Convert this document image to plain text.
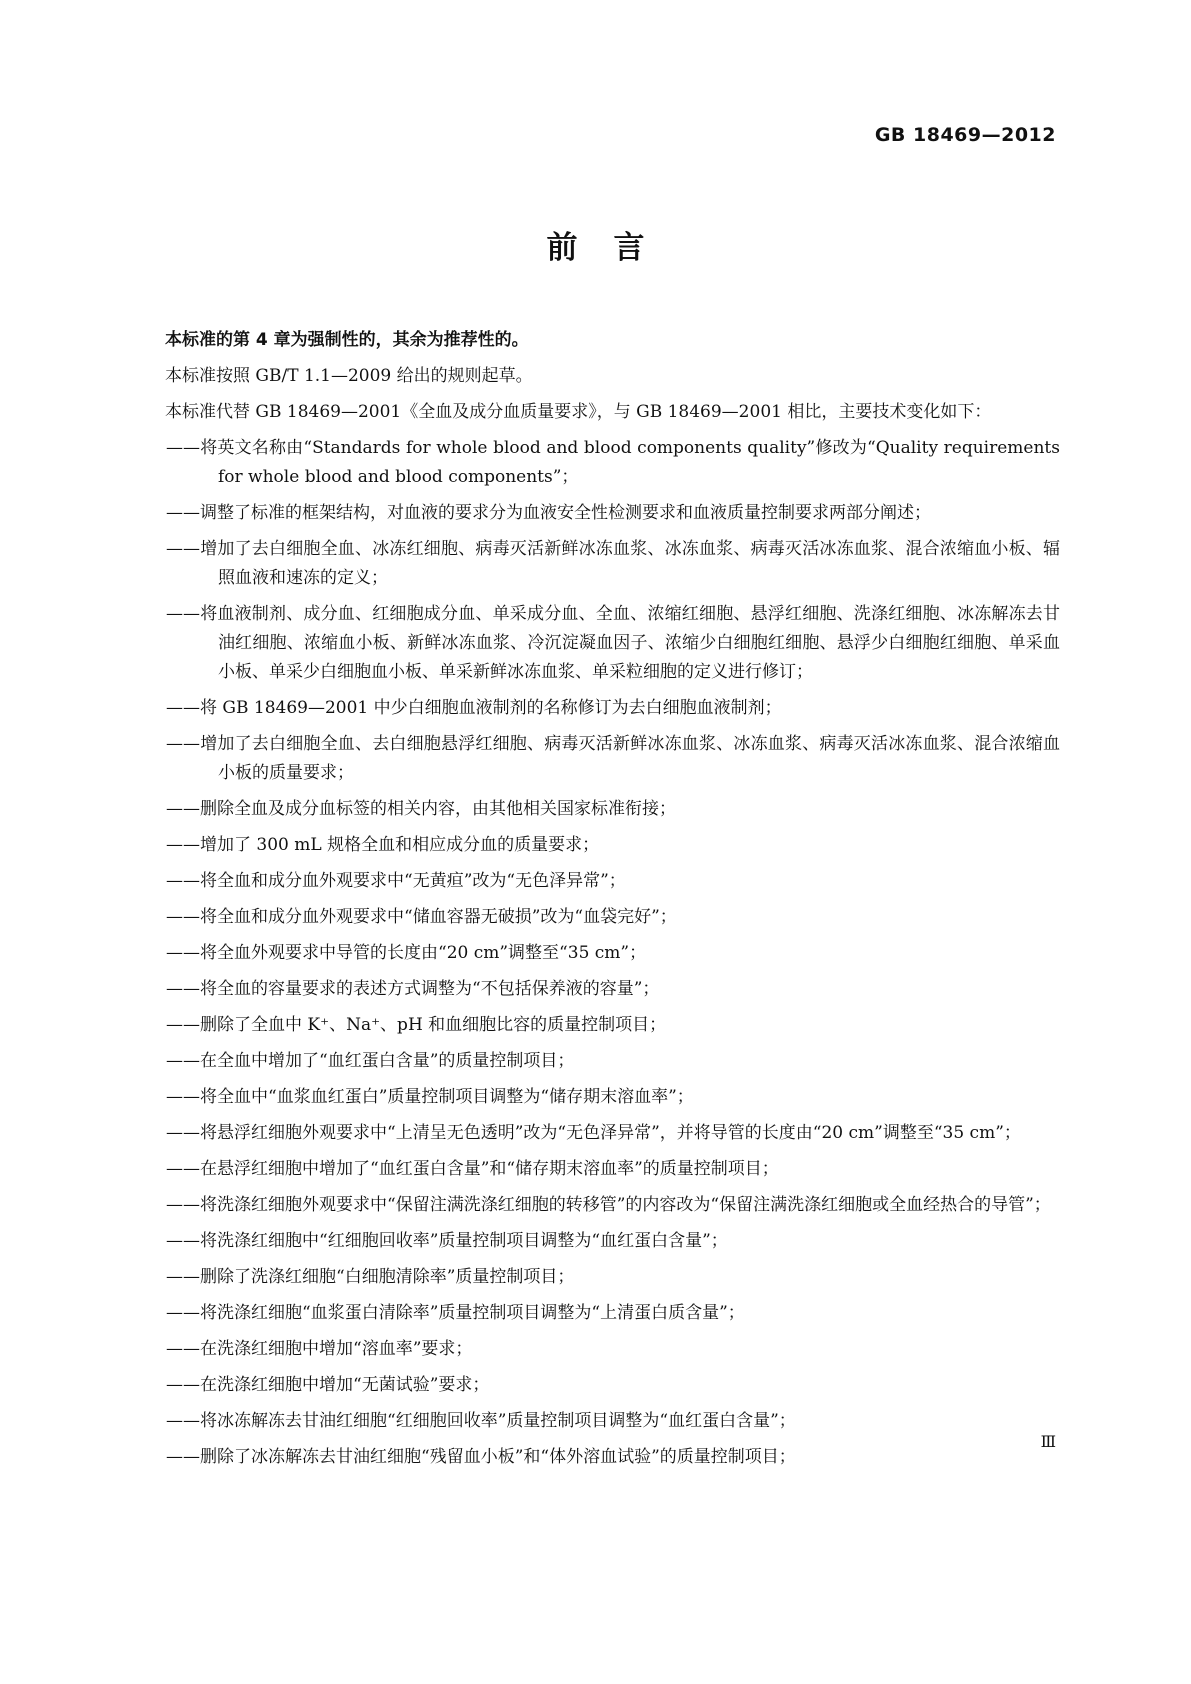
GB 18469—2012
前言

本标准的第 4 章为强制性的，其余为推荐性的。

本标准按照 GB/T 1.1—2009 给出的规则起草。

本标准代替 GB 18469—2001《全血及成分血质量要求》，与 GB 18469—2001 相比，主要技术变化如下：

——将英文名称由“Standards for whole blood and blood components quality”修改为“Quality requirements for whole blood and blood components”；
——调整了标准的框架结构，对血液的要求分为血液安全性检测要求和血液质量控制要求两部分阐述；
——增加了去白细胞全血、冰冻红细胞、病毒灭活新鲜冰冻血浆、冰冻血浆、病毒灭活冰冻血浆、混合浓缩血小板、辐照血液和速冻的定义；
——将血液制剂、成分血、红细胞成分血、单采成分血、全血、浓缩红细胞、悬浮红细胞、洗涤红细胞、冰冻解冻去甘油红细胞、浓缩血小板、新鲜冰冻血浆、冷沉淀凝血因子、浓缩少白细胞红细胞、悬浮少白细胞红细胞、单采血小板、单采少白细胞血小板、单采新鲜冰冻血浆、单采粒细胞的定义进行修订；
——将 GB 18469—2001 中少白细胞血液制剂的名称修订为去白细胞血液制剂；
——增加了去白细胞全血、去白细胞悬浮红细胞、病毒灭活新鲜冰冻血浆、冰冻血浆、病毒灭活冰冻血浆、混合浓缩血小板的质量要求；
——删除全血及成分血标签的相关内容，由其他相关国家标准衔接；
——增加了 300 mL 规格全血和相应成分血的质量要求；
——将全血和成分血外观要求中“无黄疸”改为“无色泽异常”；
——将全血和成分血外观要求中“储血容器无破损”改为“血袋完好”；
——将全血外观要求中导管的长度由“20 cm”调整至“35 cm”；
——将全血的容量要求的表述方式调整为“不包括保养液的容量”；
——删除了全血中 K⁺、Na⁺、pH 和血细胞比容的质量控制项目；
——在全血中增加了“血红蛋白含量”的质量控制项目；
——将全血中“血浆血红蛋白”质量控制项目调整为“储存期末溶血率”；
——将悬浮红细胞外观要求中“上清呈无色透明”改为“无色泽异常”，并将导管的长度由“20 cm”调整至“35 cm”；
——在悬浮红细胞中增加了“血红蛋白含量”和“储存期末溶血率”的质量控制项目；
——将洗涤红细胞外观要求中“保留注满洗涤红细胞的转移管”的内容改为“保留注满洗涤红细胞或全血经热合的导管”；
——将洗涤红细胞中“红细胞回收率”质量控制项目调整为“血红蛋白含量”；
——删除了洗涤红细胞“白细胞清除率”质量控制项目；
——将洗涤红细胞“血浆蛋白清除率”质量控制项目调整为“上清蛋白质含量”；
——在洗涤红细胞中增加“溶血率”要求；
——在洗涤红细胞中增加“无菌试验”要求；
——将冰冻解冻去甘油红细胞“红细胞回收率”质量控制项目调整为“血红蛋白含量”；
——删除了冰冻解冻去甘油红细胞“残留血小板”和“体外溶血试验”的质量控制项目；
Ⅲ
